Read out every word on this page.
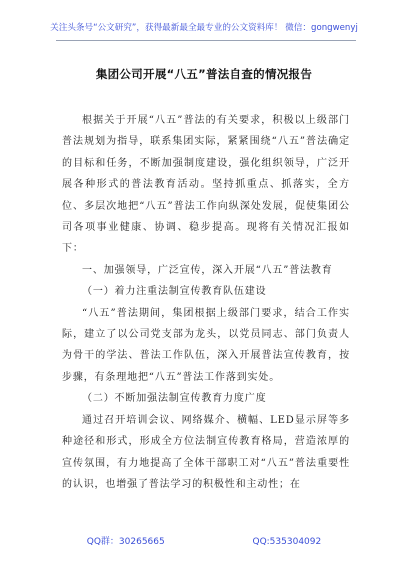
关注头条号“公文研究”，获得最新最全最专业的公文资料库！ 微信：gongwenyj
集团公司开展“八五”普法自查的情况报告

根据关于开展“八五”普法的有关要求，积极以上级部门普法规划为指导，联系集团实际，紧紧围绕“八五”普法确定的目标和任务，不断加强制度建设，强化组织领导，广泛开展各种形式的普法教育活动。坚持抓重点、抓落实，全方位、多层次地把“八五”普法工作向纵深处发展，促使集团公司各项事业健康、协调、稳步提高。现将有关情况汇报如下：

一、加强领导，广泛宣传，深入开展“八五”普法教育

（一）着力注重法制宣传教育队伍建设

“八五”普法期间，集团根据上级部门要求，结合工作实际，建立了以公司党支部为龙头，以党员同志、部门负责人为骨干的学法、普法工作队伍，深入开展普法宣传教育，按步骤，有条理地把“八五”普法工作落到实处。

（二）不断加强法制宣传教育力度广度

通过召开培训会议、网络媒介、横幅、LED显示屏等多种途径和形式，形成全方位法制宣传教育格局，营造浓厚的宣传氛围，有力地提高了全体干部职工对“八五”普法重要性的认识，也增强了普法学习的积极性和主动性；在

QQ群：30265665	QQ:535304092
